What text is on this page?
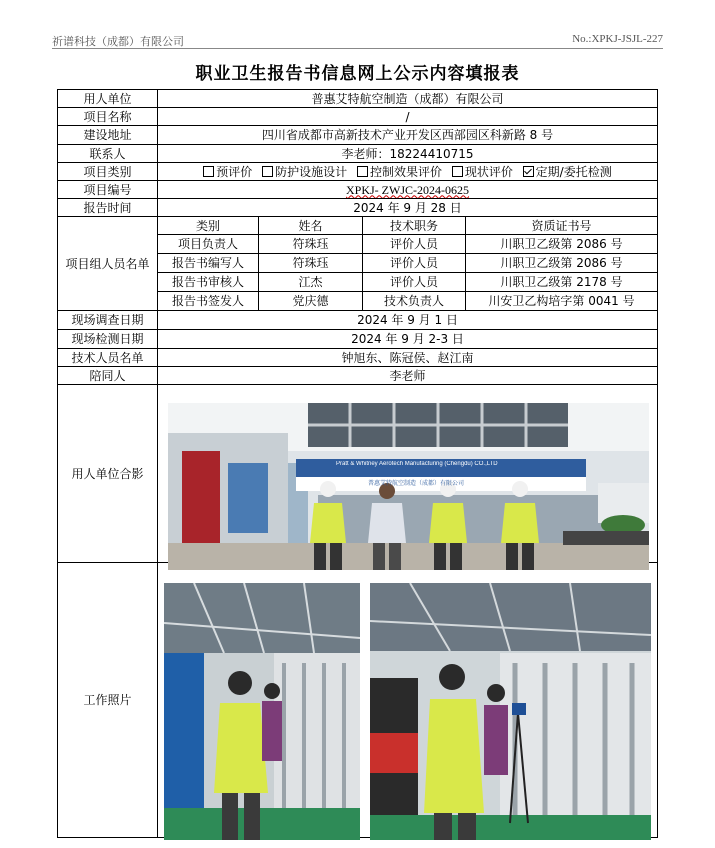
祈谱科技（成都）有限公司	No.:XPKJ-JSJL-227
职业卫生报告书信息网上公示内容填报表
用人单位	普惠艾特航空制造（成都）有限公司			
项目名称	/			
建设地址	四川省成都市高新技术产业开发区西部园区科新路 8 号			
联系人	李老师：18224410715			
项目类别	预评价 防护设施设计 控制效果评价 现状评价 定期/委托检测			
项目编号	XPKJ- ZWJC-2024-0625			
报告时间	2024 年 9 月 28 日			
项目组人员名单	类别	姓名	技术职务	资质证书号
	项目负责人	符珠珏	评价人员	川职卫乙级第 2086 号
	报告书编写人	符珠珏	评价人员	川职卫乙级第 2086 号
	报告书审核人	江杰	评价人员	川职卫乙级第 2178 号
	报告书签发人	党庆德	技术负责人	川安卫乙构培字第 0041 号
现场调查日期	2024 年 9 月 1 日			
现场检测日期	2024 年 9 月 2-3 日			
技术人员名单	钟旭东、陈冠侯、赵江南			
陪同人	李老师			
用人单位合影				
工作照片				
Pratt & Whitney Aerotech Manufacturing (Chengdu) CO.,LTD
普惠艾特航空制造（成都）有限公司
